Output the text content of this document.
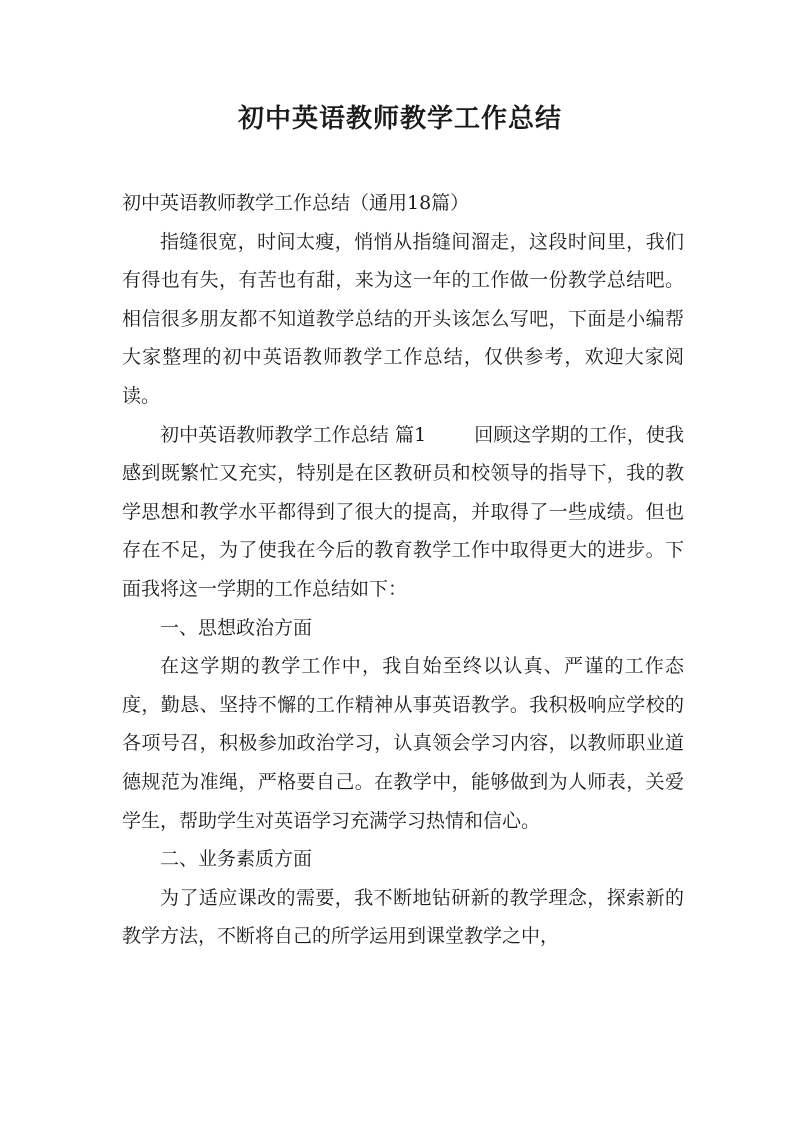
初中英语教师教学工作总结

初中英语教师教学工作总结（通用18篇）

指缝很宽，时间太瘦，悄悄从指缝间溜走，这段时间里，我们有得也有失，有苦也有甜，来为这一年的工作做一份教学总结吧。相信很多朋友都不知道教学总结的开头该怎么写吧，下面是小编帮大家整理的初中英语教师教学工作总结，仅供参考，欢迎大家阅读。

初中英语教师教学工作总结 篇1	回顾这学期的工作，使我感到既繁忙又充实，特别是在区教研员和校领导的指导下，我的教学思想和教学水平都得到了很大的提高，并取得了一些成绩。但也存在不足，为了使我在今后的教育教学工作中取得更大的进步。下面我将这一学期的工作总结如下：

一、思想政治方面

在这学期的教学工作中，我自始至终以认真、严谨的工作态度，勤恳、坚持不懈的工作精神从事英语教学。我积极响应学校的各项号召，积极参加政治学习，认真领会学习内容，以教师职业道德规范为准绳，严格要自己。在教学中，能够做到为人师表，关爱学生，帮助学生对英语学习充满学习热情和信心。

二、业务素质方面

为了适应课改的需要，我不断地钻研新的教学理念，探索新的教学方法，不断将自己的所学运用到课堂教学之中，
